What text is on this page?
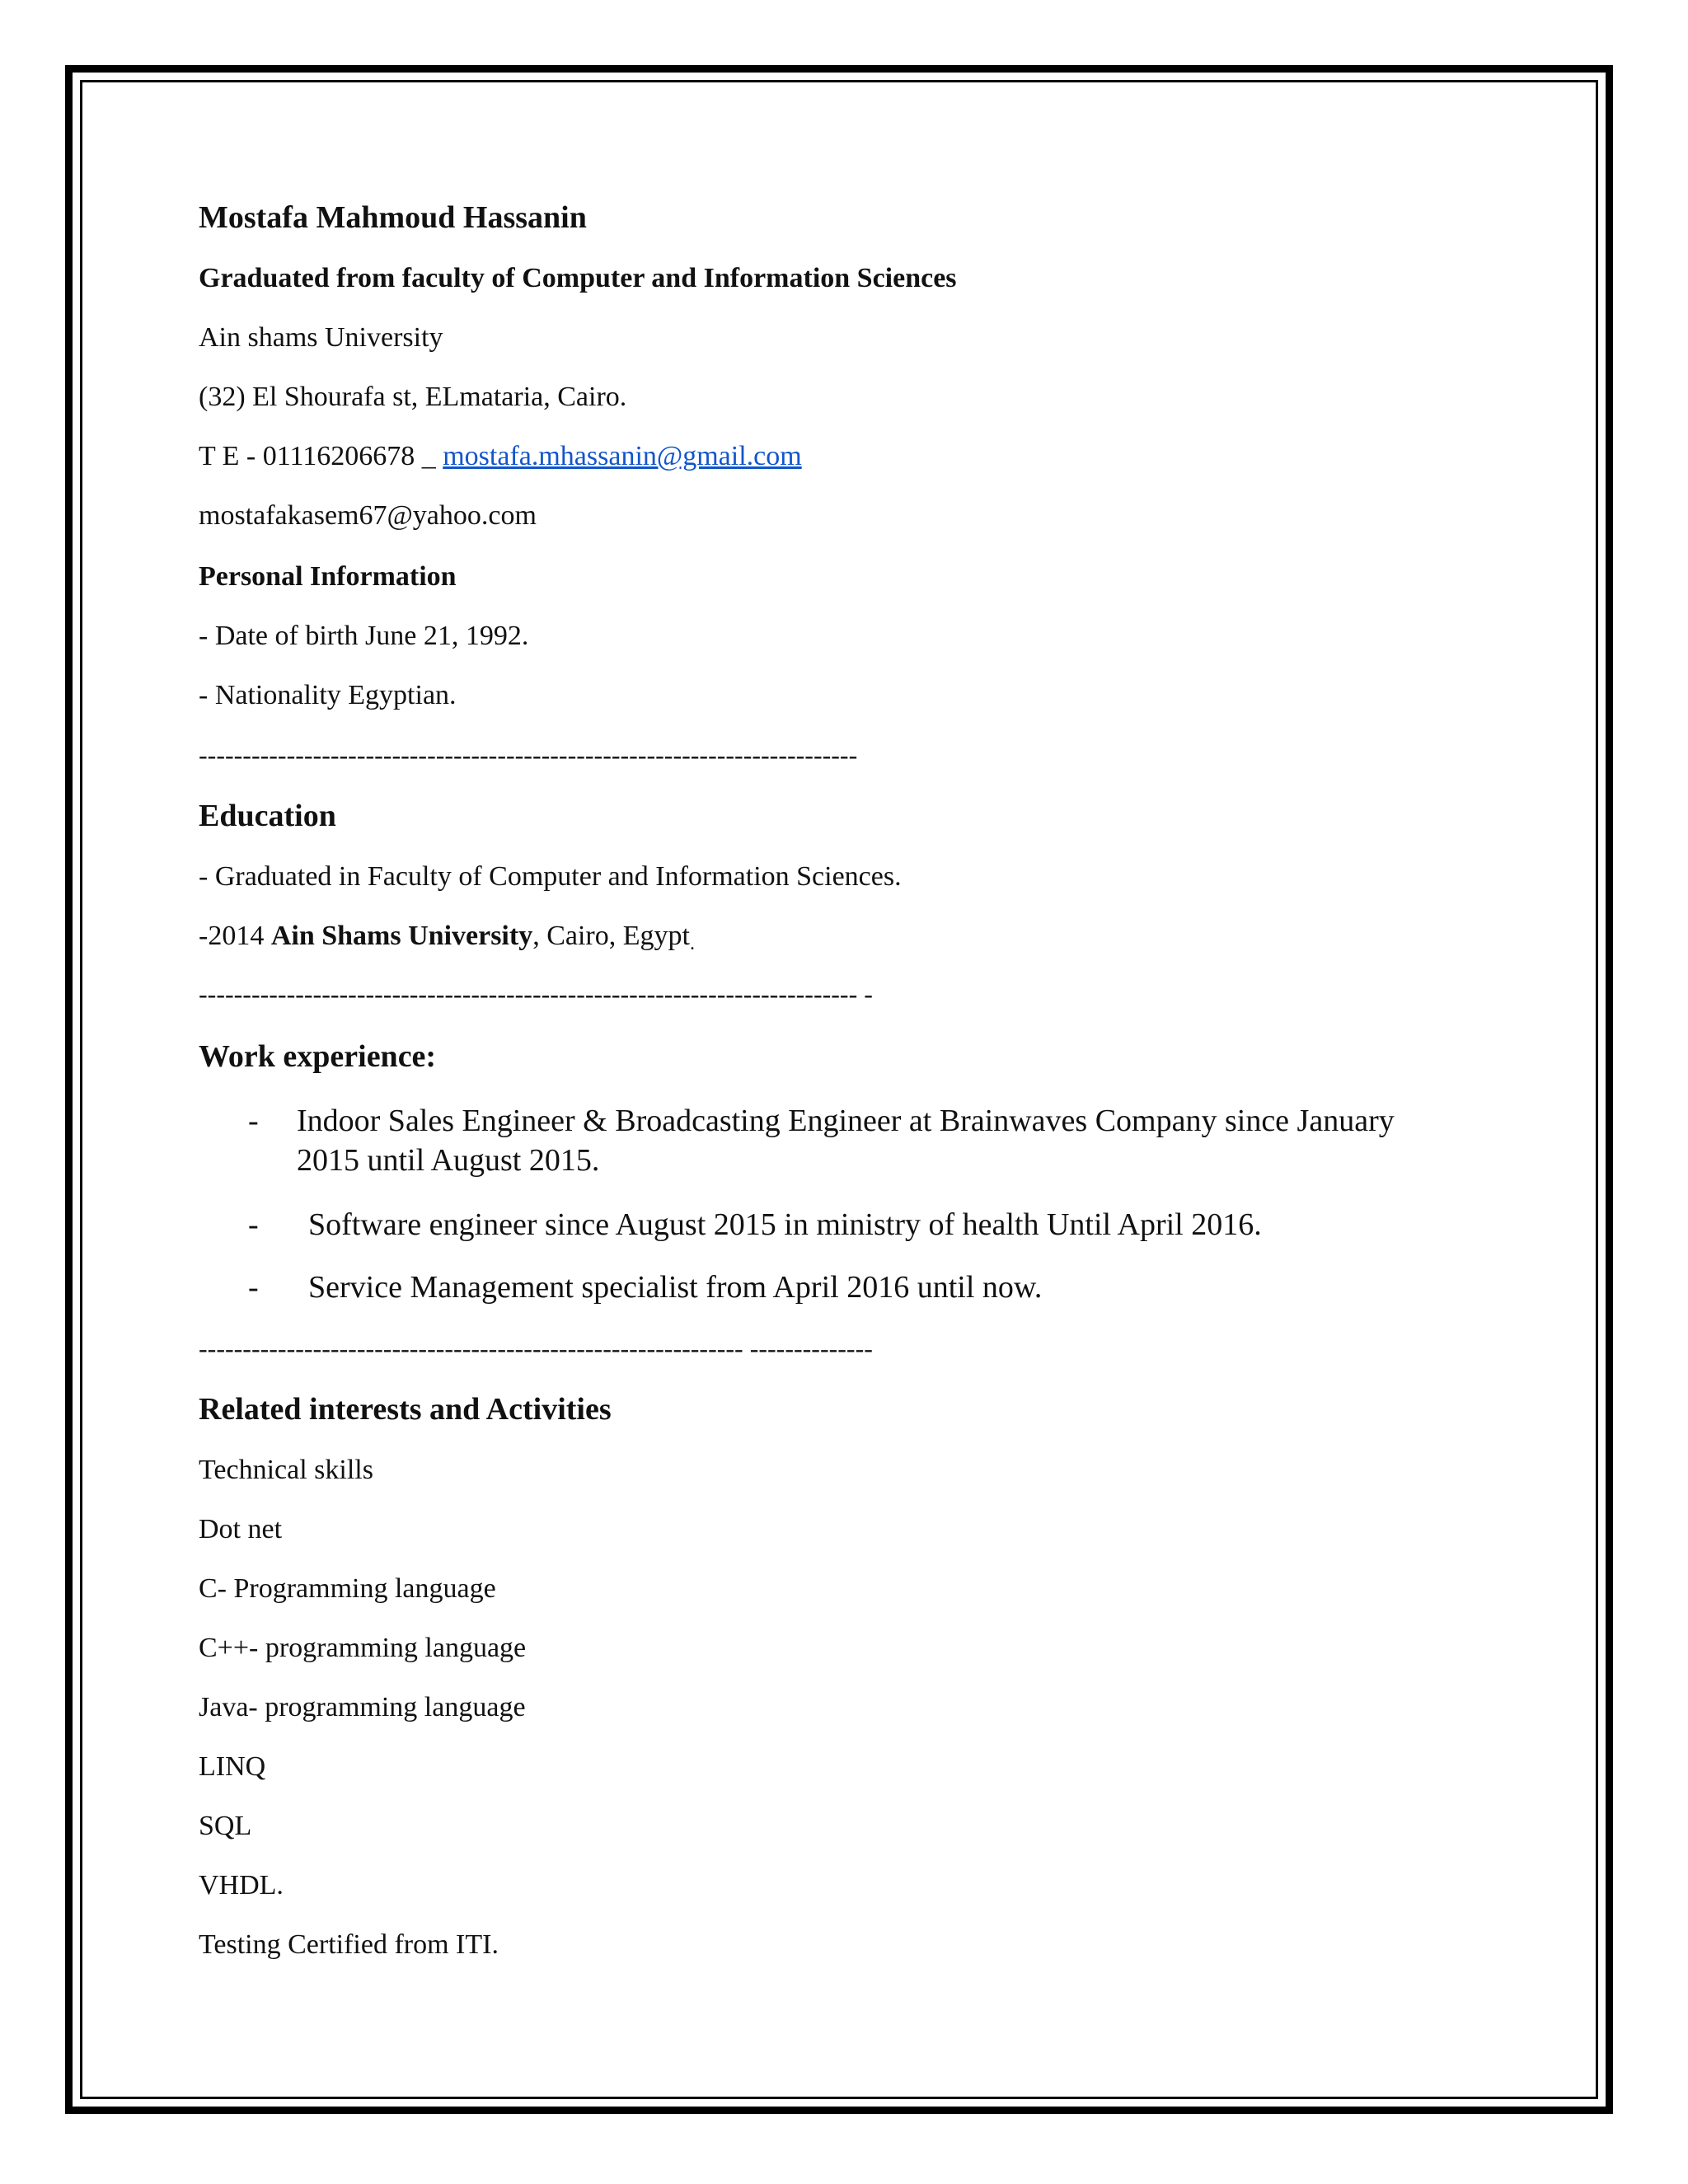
Mostafa Mahmoud Hassanin
Graduated from faculty of Computer and Information Sciences
Ain shams University
(32) El Shourafa st, ELmataria, Cairo.
T E - 01116206678 _ mostafa.mhassanin@gmail.com
mostafakasem67@yahoo.com
Personal Information
- Date of birth June 21, 1992.
- Nationality Egyptian.
---------------------------------------------------------------------------
Education
- Graduated in Faculty of Computer and Information Sciences.
-2014 Ain Shams University, Cairo, Egypt.
--------------------------------------------------------------------------- -
Work experience:
- Indoor Sales Engineer & Broadcasting Engineer at Brainwaves Company since January
2015 until August 2015.
- Software engineer since August 2015 in ministry of health Until April 2016.
- Service Management specialist from April 2016 until now.
-------------------------------------------------------------- --------------
Related interests and Activities
Technical skills
Dot net
C- Programming language
C++- programming language
Java- programming language
LINQ
SQL
VHDL.
Testing Certified from ITI.
